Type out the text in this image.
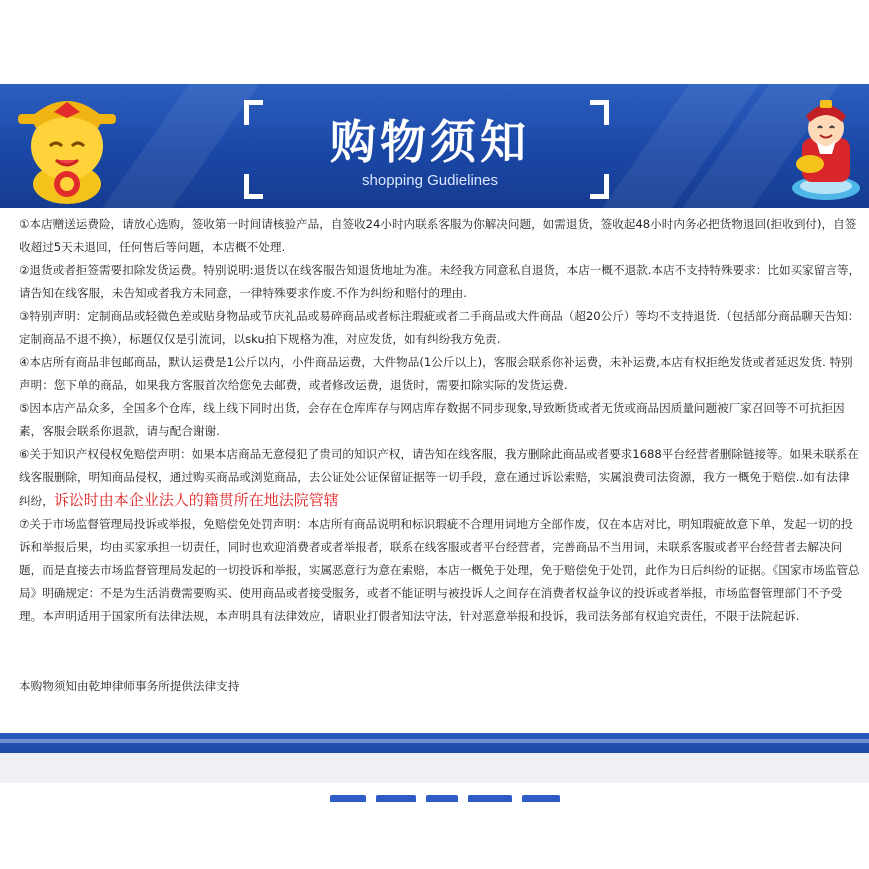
购物须知
shopping Gudielines

①本店赠送运费险，请放心选购，签收第一时间请核验产品，自签收24小时内联系客服为你解决问题，如需退货，签收起48小时内务必把货物退回(拒收到付)，自签收超过5天未退回，任何售后等问题，本店概不处理.

②退货或者拒签需要扣除发货运费。特别说明:退货以在线客服告知退货地址为准。未经我方同意私自退货，本店一概不退款.本店不支持特殊要求：比如买家留言等，请告知在线客服，未告知或者我方未同意，一律特殊要求作废.不作为纠纷和赔付的理由.

③特别声明：定制商品或轻微色差或贴身物品或节庆礼品或易碎商品或者标注瑕疵或者二手商品或大件商品（超20公斤）等均不支持退货.（包括部分商品聊天告知：定制商品不退不换），标题仅仅是引流词，以sku拍下规格为准，对应发货，如有纠纷我方免责.

④本店所有商品非包邮商品，默认运费是1公斤以内，小件商品运费，大件物品(1公斤以上)，客服会联系你补运费，未补运费,本店有权拒绝发货或者延迟发货. 特别声明：您下单的商品，如果我方客服首次给您免去邮费，或者修改运费，退货时，需要扣除实际的发货运费.

⑤因本店产品众多，全国多个仓库，线上线下同时出货，会存在仓库库存与网店库存数据不同步现象,导致断货或者无货或商品因质量问题被厂家召回等不可抗拒因素，客服会联系你退款，请与配合谢谢.

⑥关于知识产权侵权免赔偿声明：如果本店商品无意侵犯了贵司的知识产权，请告知在线客服，我方删除此商品或者要求1688平台经营者删除链接等。如果未联系在线客服删除，明知商品侵权，通过购买商品或浏览商品，去公证处公证保留证据等一切手段，意在通过诉讼索赔，实属浪费司法资源，我方一概免于赔偿..如有法律纠纷，诉讼时由本企业法人的籍贯所在地法院管辖

⑦关于市场监督管理局投诉或举报，免赔偿免处罚声明：本店所有商品说明和标识瑕疵不合理用词地方全部作废，仅在本店对比，明知瑕疵故意下单，发起一切的投诉和举报后果，均由买家承担一切责任，同时也欢迎消费者或者举报者，联系在线客服或者平台经营者，完善商品不当用词，未联系客服或者平台经营者去解决问题，而是直接去市场监督管理局发起的一切投诉和举报，实属恶意行为意在索赔，本店一概免于处理，免于赔偿免于处罚，此作为日后纠纷的证据。《国家市场监管总局》明确规定：不是为生活消费需要购买、使用商品或者接受服务，或者不能证明与被投诉人之间存在消费者权益争议的投诉或者举报，市场监督管理部门不予受理。本声明适用于国家所有法律法规，本声明具有法律效应，请职业打假者知法守法，针对恶意举报和投诉，我司法务部有权追究责任，不限于法院起诉.

本购物须知由乾坤律师事务所提供法律支持
